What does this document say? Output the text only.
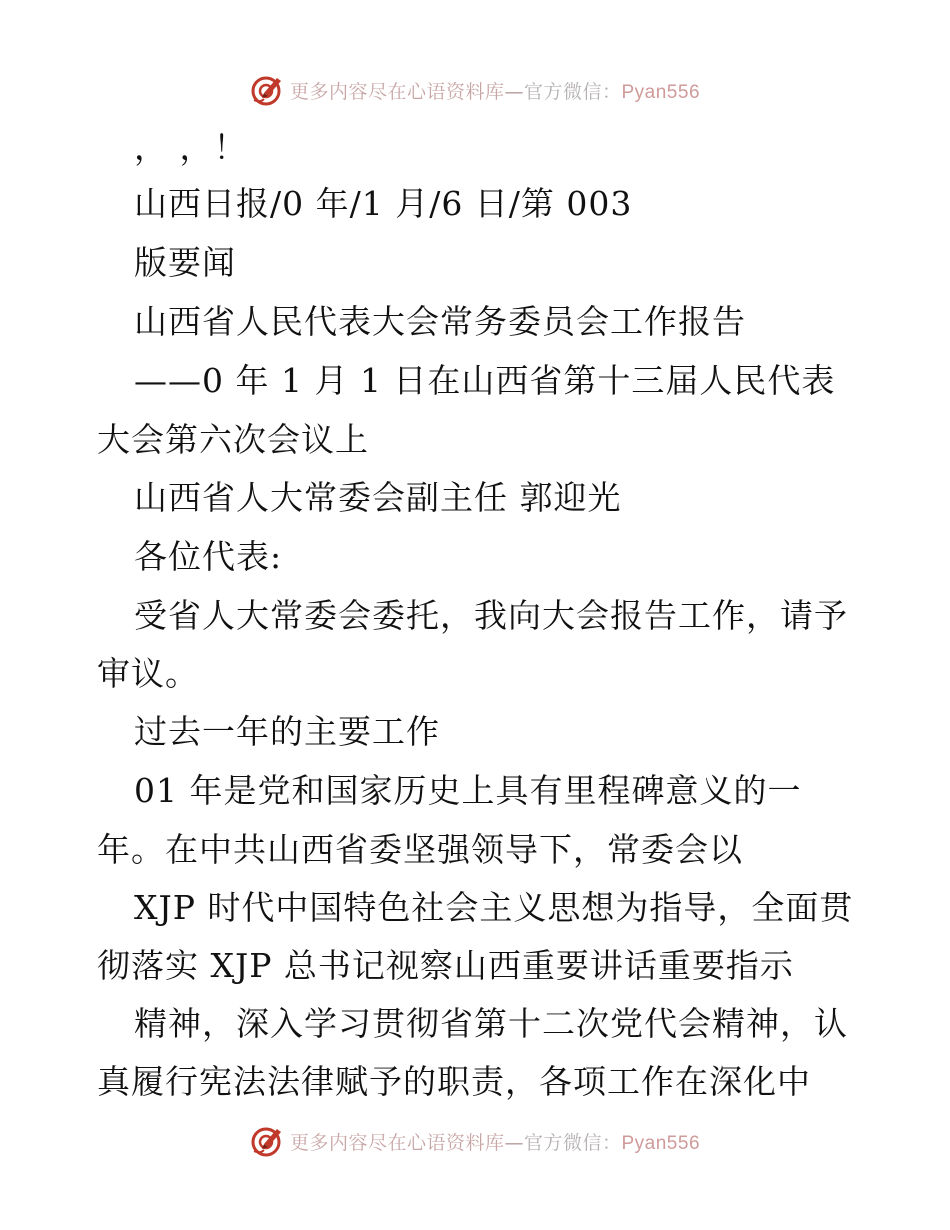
更多内容尽在心语资料库—官方微信：Pyan556
， ，！
山西日报/0 年/1 月/6 日/第 003
版要闻
山西省人民代表大会常务委员会工作报告
——0 年 1 月 1 日在山西省第十三届人民代表
大会第六次会议上
山西省人大常委会副主任 郭迎光
各位代表:
受省人大常委会委托，我向大会报告工作，请予
审议。
过去一年的主要工作
01 年是党和国家历史上具有里程碑意义的一
年。在中共山西省委坚强领导下，常委会以
XJP 时代中国特色社会主义思想为指导，全面贯
彻落实 XJP 总书记视察山西重要讲话重要指示
精神，深入学习贯彻省第十二次党代会精神，认
真履行宪法法律赋予的职责，各项工作在深化中
更多内容尽在心语资料库—官方微信：Pyan556
